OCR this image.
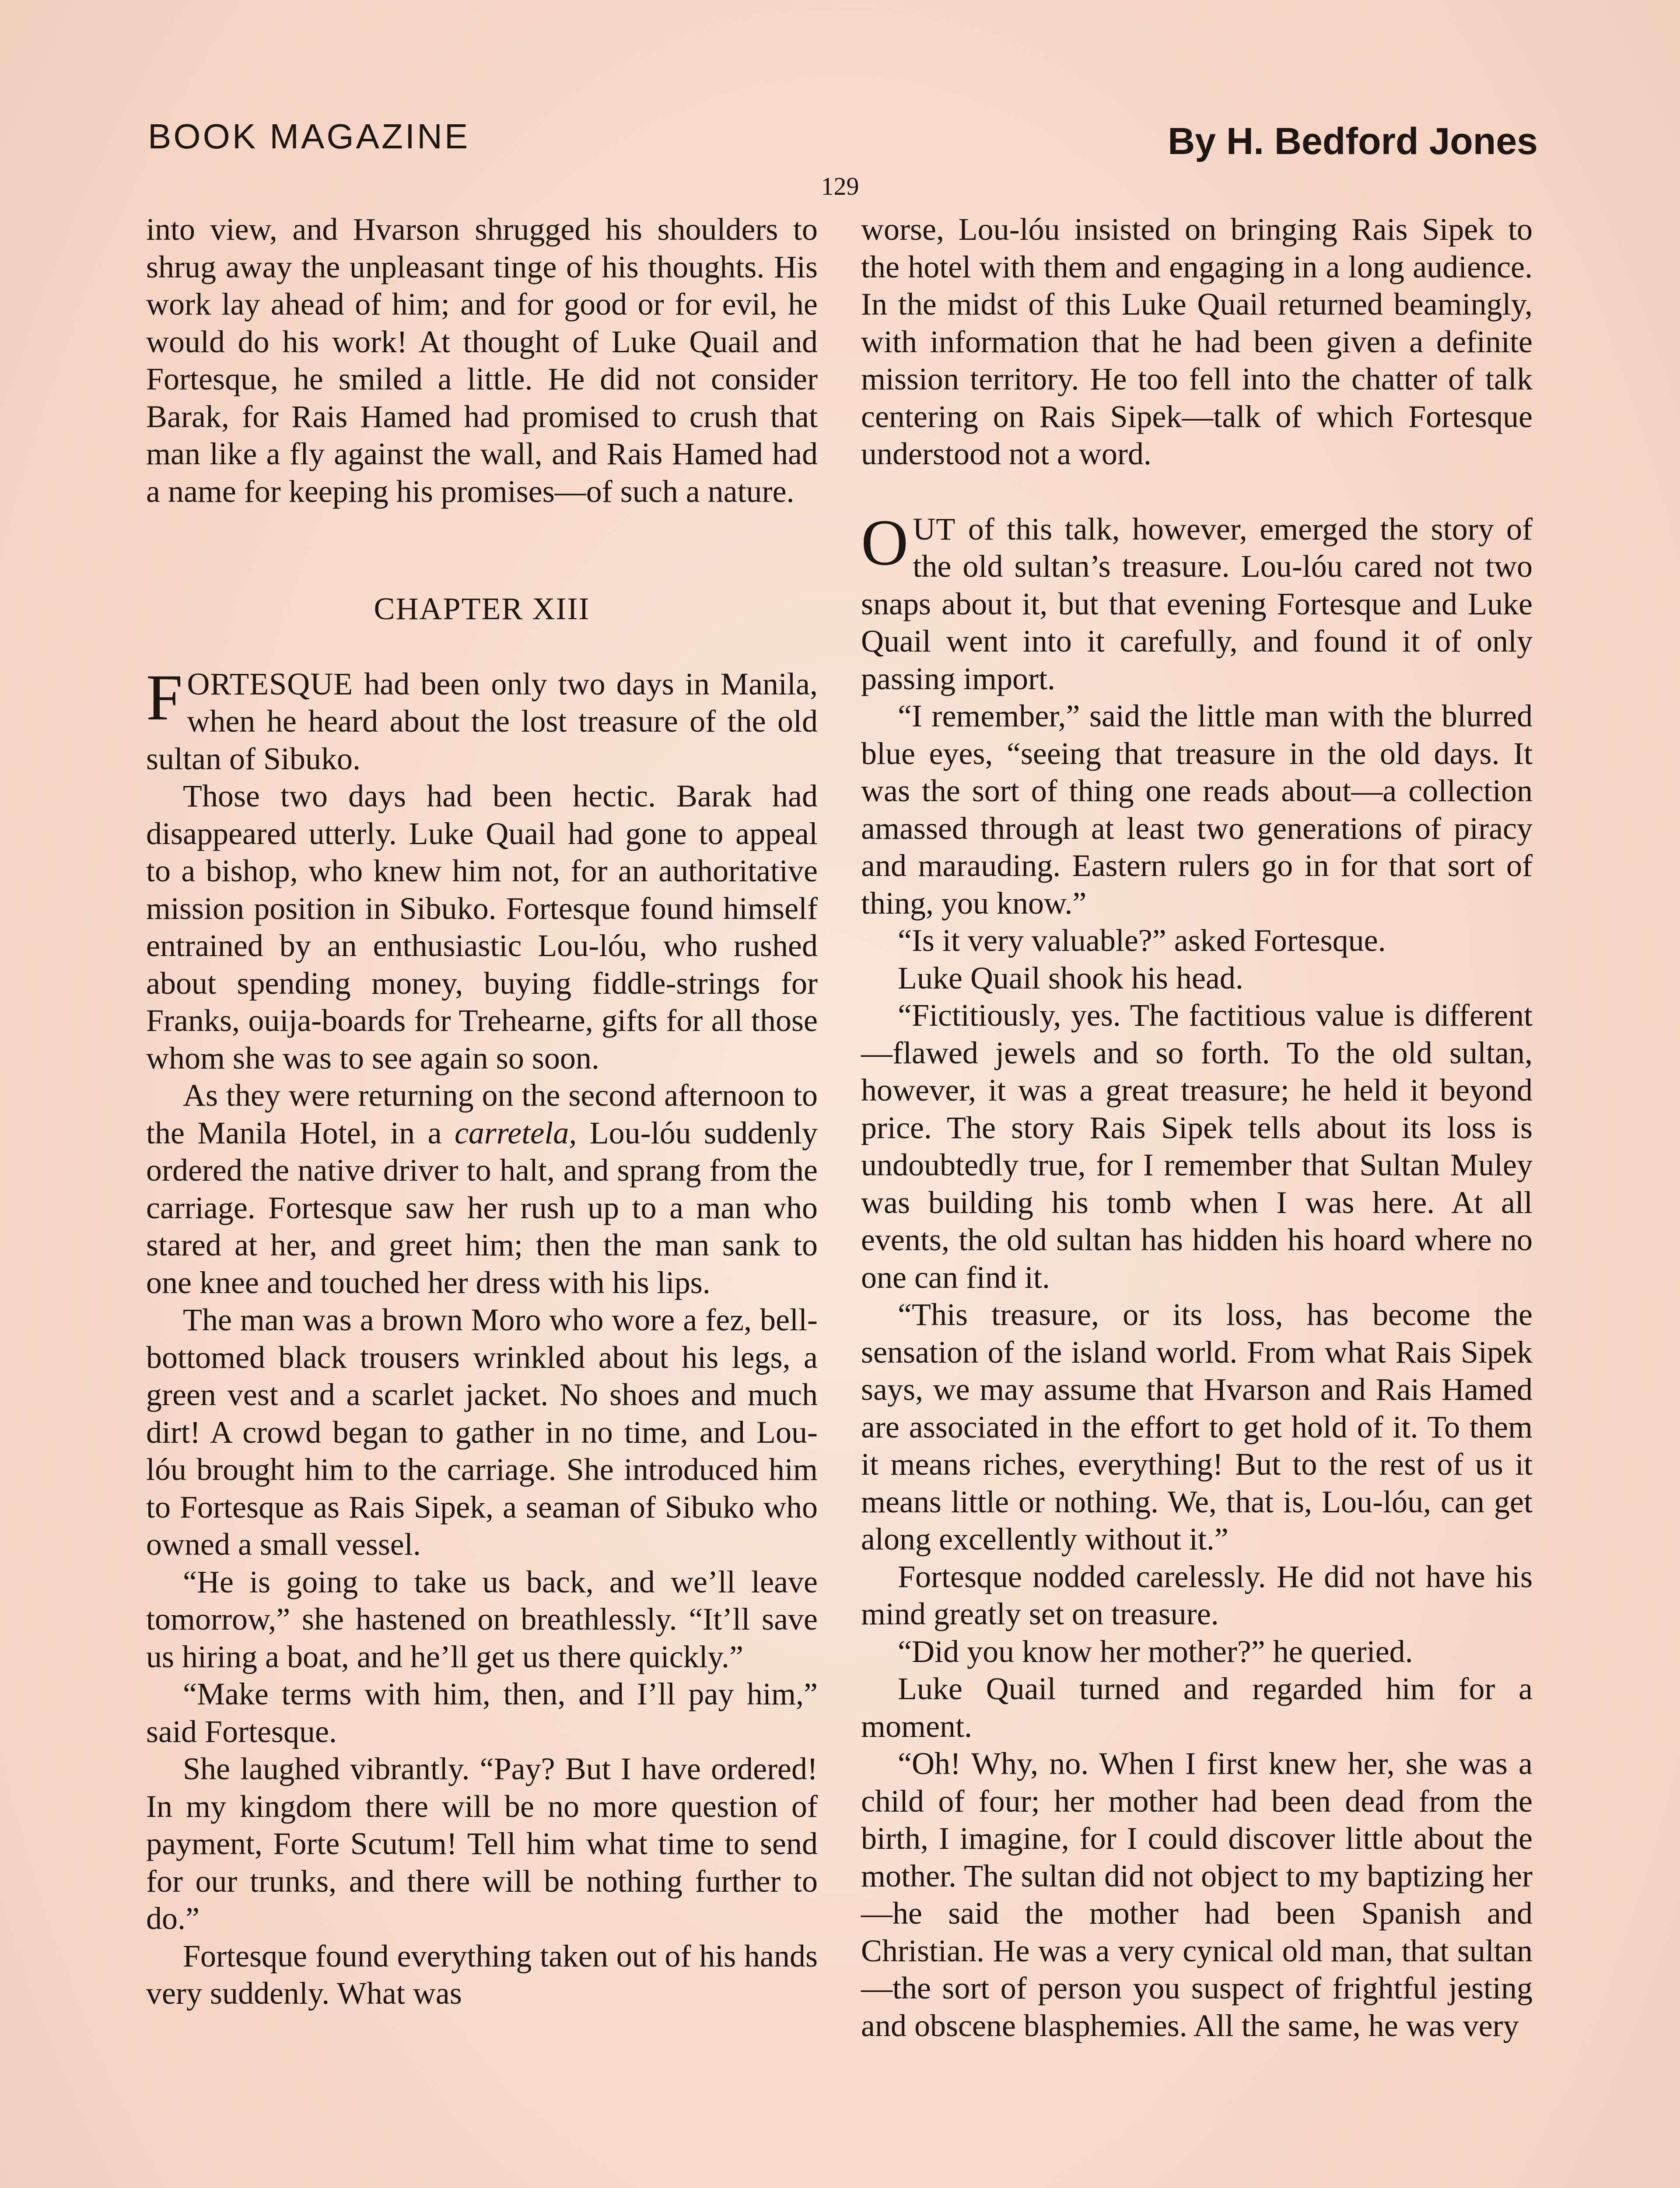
BOOK MAGAZINE	By H. Bedford Jones
129

into view, and Hvarson shrugged his shoulders to shrug away the unpleasant tinge of his thoughts. His work lay ahead of him; and for good or for evil, he would do his work! At thought of Luke Quail and Fortesque, he smiled a little. He did not consider Barak, for Rais Hamed had promised to crush that man like a fly against the wall, and Rais Hamed had a name for keeping his promises—of such a nature.

CHAPTER XIII

FORTESQUE had been only two days in Manila, when he heard about the lost treasure of the old sultan of Sibuko.

Those two days had been hectic. Barak had disappeared utterly. Luke Quail had gone to appeal to a bishop, who knew him not, for an authoritative mission position in Sibuko. Fortesque found himself entrained by an enthusiastic Lou-lóu, who rushed about spending money, buying fiddle-strings for Franks, ouija-boards for Trehearne, gifts for all those whom she was to see again so soon.

As they were returning on the second afternoon to the Manila Hotel, in a carretela, Lou-lóu suddenly ordered the native driver to halt, and sprang from the carriage. Fortesque saw her rush up to a man who stared at her, and greet him; then the man sank to one knee and touched her dress with his lips.

The man was a brown Moro who wore a fez, bell-bottomed black trousers wrinkled about his legs, a green vest and a scarlet jacket. No shoes and much dirt! A crowd began to gather in no time, and Lou-lóu brought him to the carriage. She introduced him to Fortesque as Rais Sipek, a seaman of Sibuko who owned a small vessel.

“He is going to take us back, and we’ll leave tomorrow,” she hastened on breathlessly. “It’ll save us hiring a boat, and he’ll get us there quickly.”

“Make terms with him, then, and I’ll pay him,” said Fortesque.

She laughed vibrantly. “Pay? But I have ordered! In my kingdom there will be no more question of payment, Forte Scutum! Tell him what time to send for our trunks, and there will be nothing further to do.”

Fortesque found everything taken out of his hands very suddenly. What was

worse, Lou-lóu insisted on bringing Rais Sipek to the hotel with them and engaging in a long audience. In the midst of this Luke Quail returned beamingly, with information that he had been given a definite mission territory. He too fell into the chatter of talk centering on Rais Sipek—talk of which Fortesque understood not a word.

OUT of this talk, however, emerged the story of the old sultan’s treasure. Lou-lóu cared not two snaps about it, but that evening Fortesque and Luke Quail went into it carefully, and found it of only passing import.

“I remember,” said the little man with the blurred blue eyes, “seeing that treasure in the old days. It was the sort of thing one reads about—a collection amassed through at least two generations of piracy and marauding. Eastern rulers go in for that sort of thing, you know.”

“Is it very valuable?” asked Fortesque.

Luke Quail shook his head.

“Fictitiously, yes. The factitious value is different—flawed jewels and so forth. To the old sultan, however, it was a great treasure; he held it beyond price. The story Rais Sipek tells about its loss is undoubtedly true, for I remember that Sultan Muley was building his tomb when I was here. At all events, the old sultan has hidden his hoard where no one can find it.

“This treasure, or its loss, has become the sensation of the island world. From what Rais Sipek says, we may assume that Hvarson and Rais Hamed are associated in the effort to get hold of it. To them it means riches, everything! But to the rest of us it means little or nothing. We, that is, Lou-lóu, can get along excellently without it.”

Fortesque nodded carelessly. He did not have his mind greatly set on treasure.

“Did you know her mother?” he queried.

Luke Quail turned and regarded him for a moment.

“Oh! Why, no. When I first knew her, she was a child of four; her mother had been dead from the birth, I imagine, for I could discover little about the mother. The sultan did not object to my baptizing her—he said the mother had been Spanish and Christian. He was a very cynical old man, that sultan—the sort of person you suspect of frightful jesting and obscene blasphemies. All the same, he was very
